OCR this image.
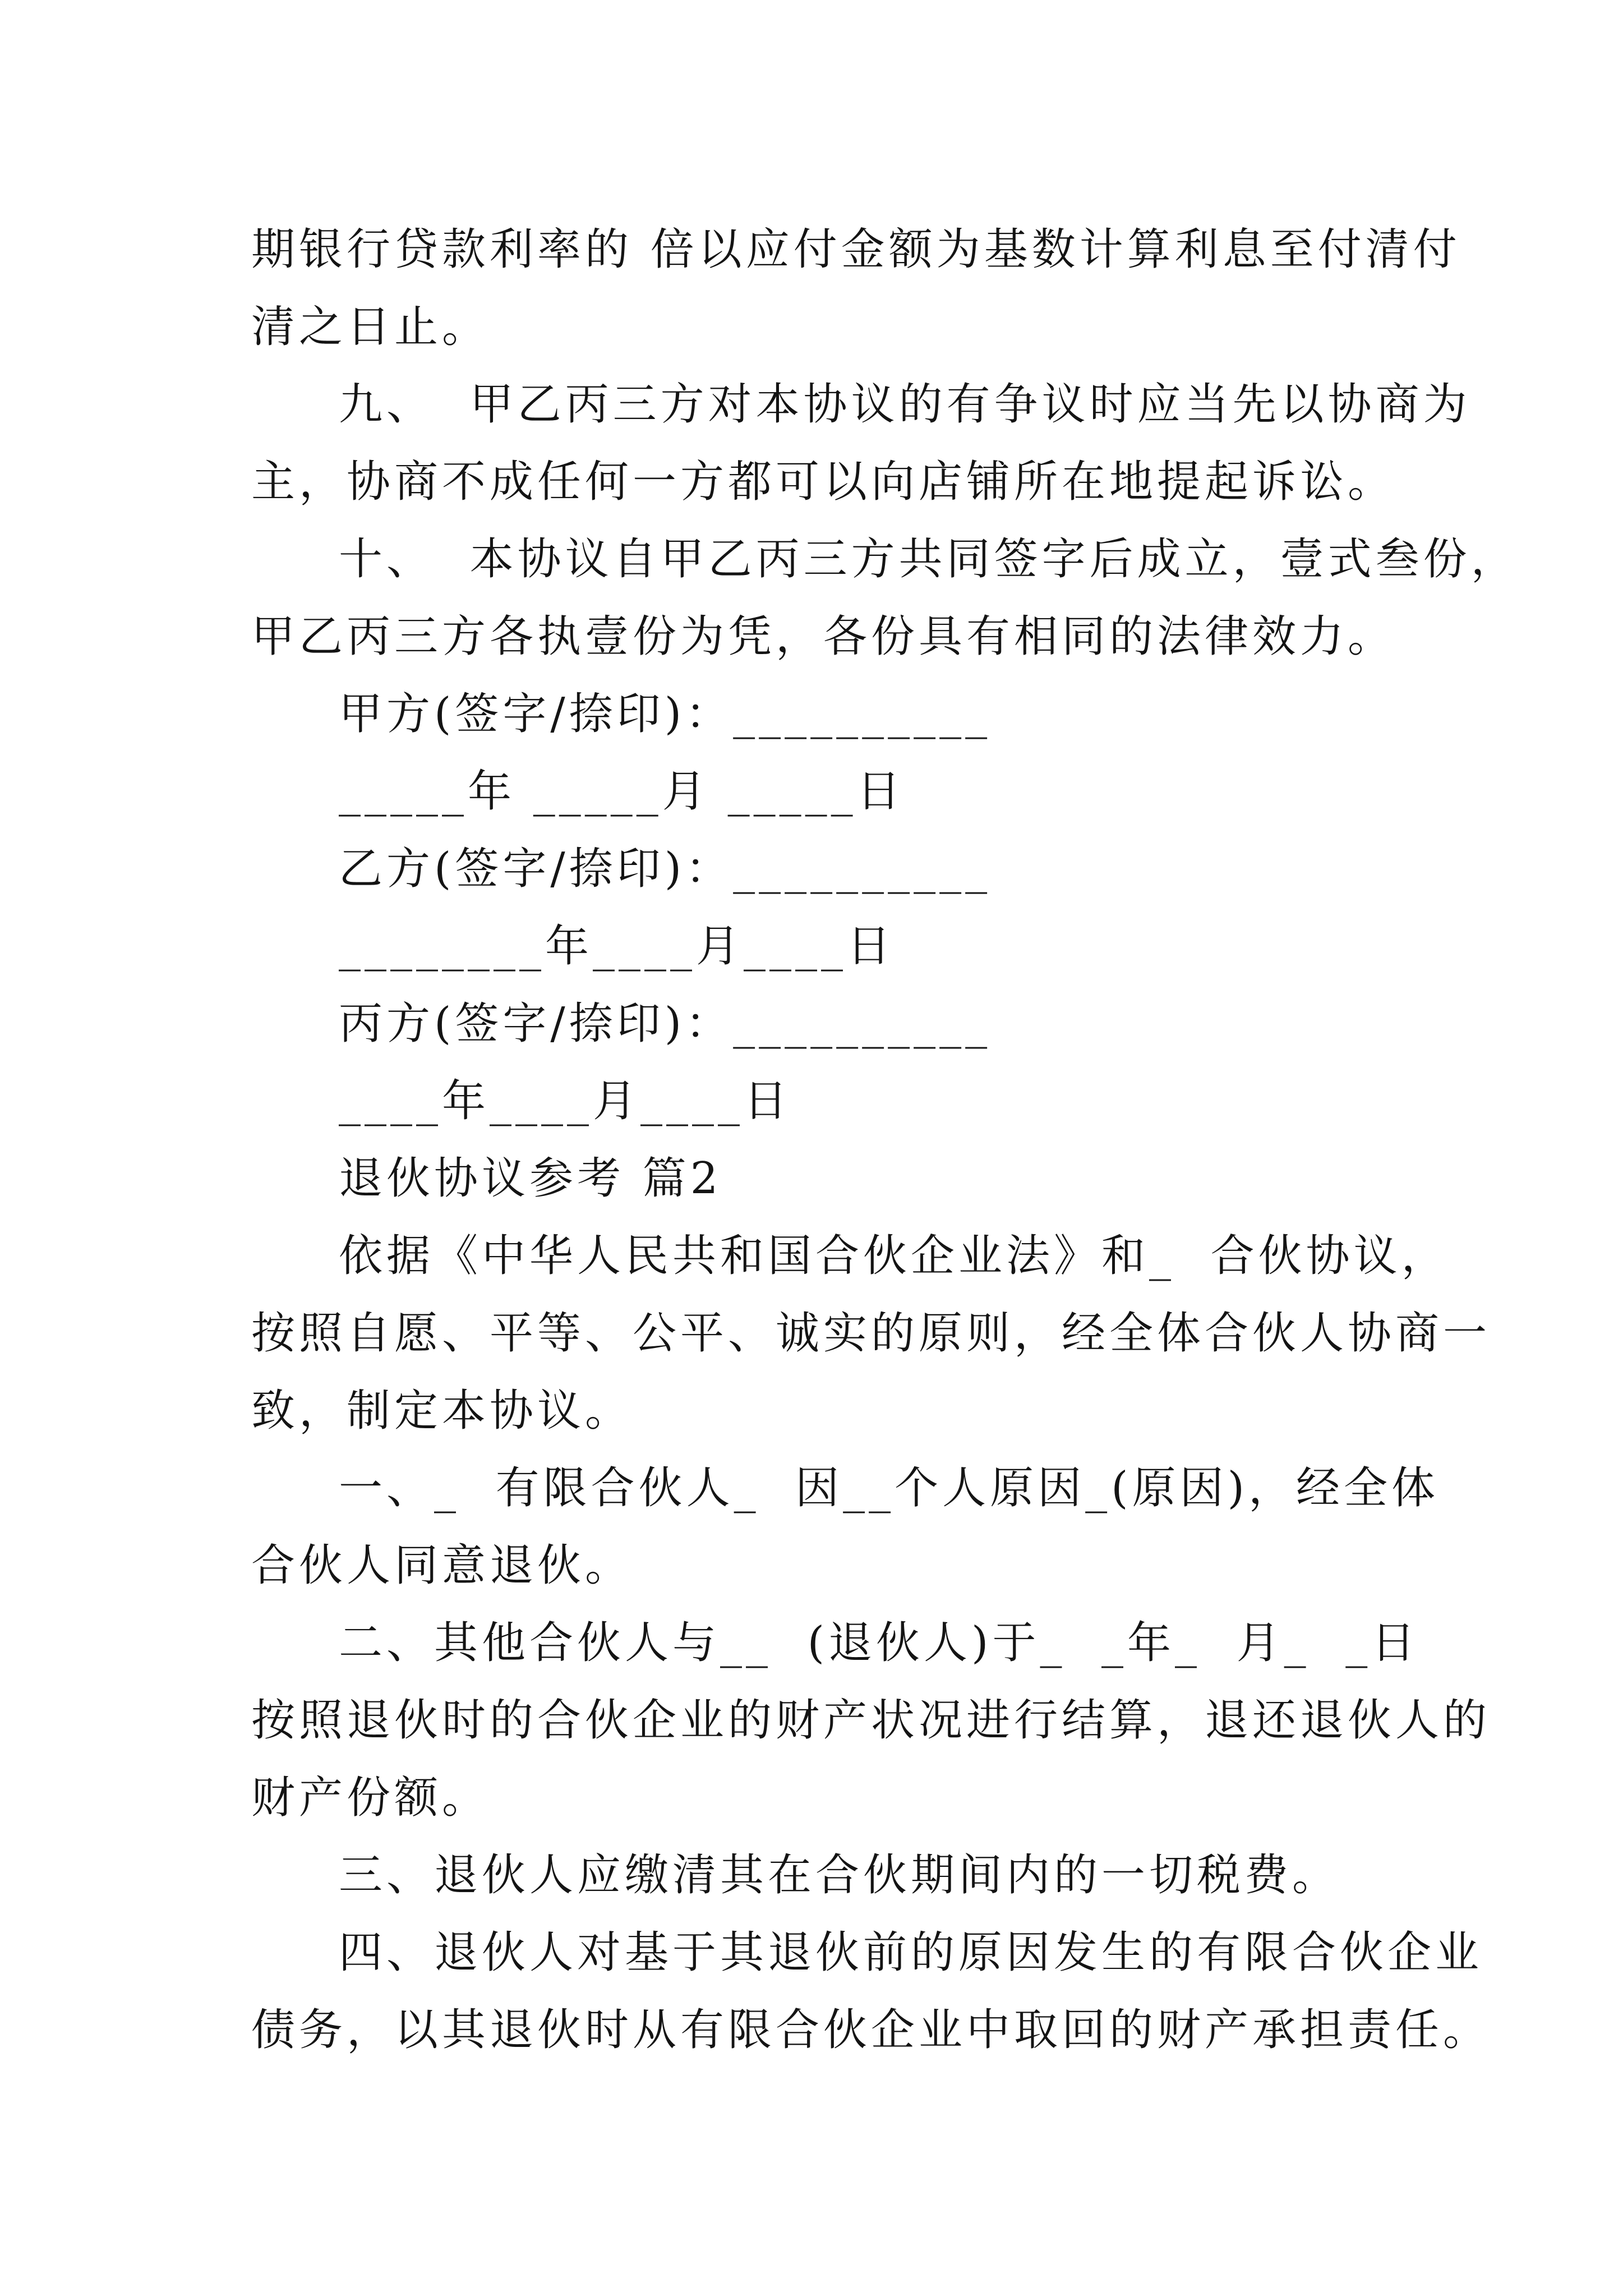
期银行贷款利率的 倍以应付金额为基数计算利息至付清付
清之日止。
九、  甲乙丙三方对本协议的有争议时应当先以协商为
主，协商不成任何一方都可以向店铺所在地提起诉讼。
十、  本协议自甲乙丙三方共同签字后成立，壹式叁份，
甲乙丙三方各执壹份为凭，各份具有相同的法律效力。
甲方(签字/捺印)：__________
_____年 _____月 _____日
乙方(签字/捺印)：__________
________年____月____日
丙方(签字/捺印)：__________
____年____月____日
退伙协议参考 篇2
依据《中华人民共和国合伙企业法》和_  合伙协议，
按照自愿、平等、公平、诚实的原则，经全体合伙人协商一
致，制定本协议。
一、_  有限合伙人_  因__个人原因_(原因)，经全体
合伙人同意退伙。
二、其他合伙人与__  (退伙人)于_  _年_  月_  _日
按照退伙时的合伙企业的财产状况进行结算，退还退伙人的
财产份额。
三、退伙人应缴清其在合伙期间内的一切税费。
四、退伙人对基于其退伙前的原因发生的有限合伙企业
债务，以其退伙时从有限合伙企业中取回的财产承担责任。
